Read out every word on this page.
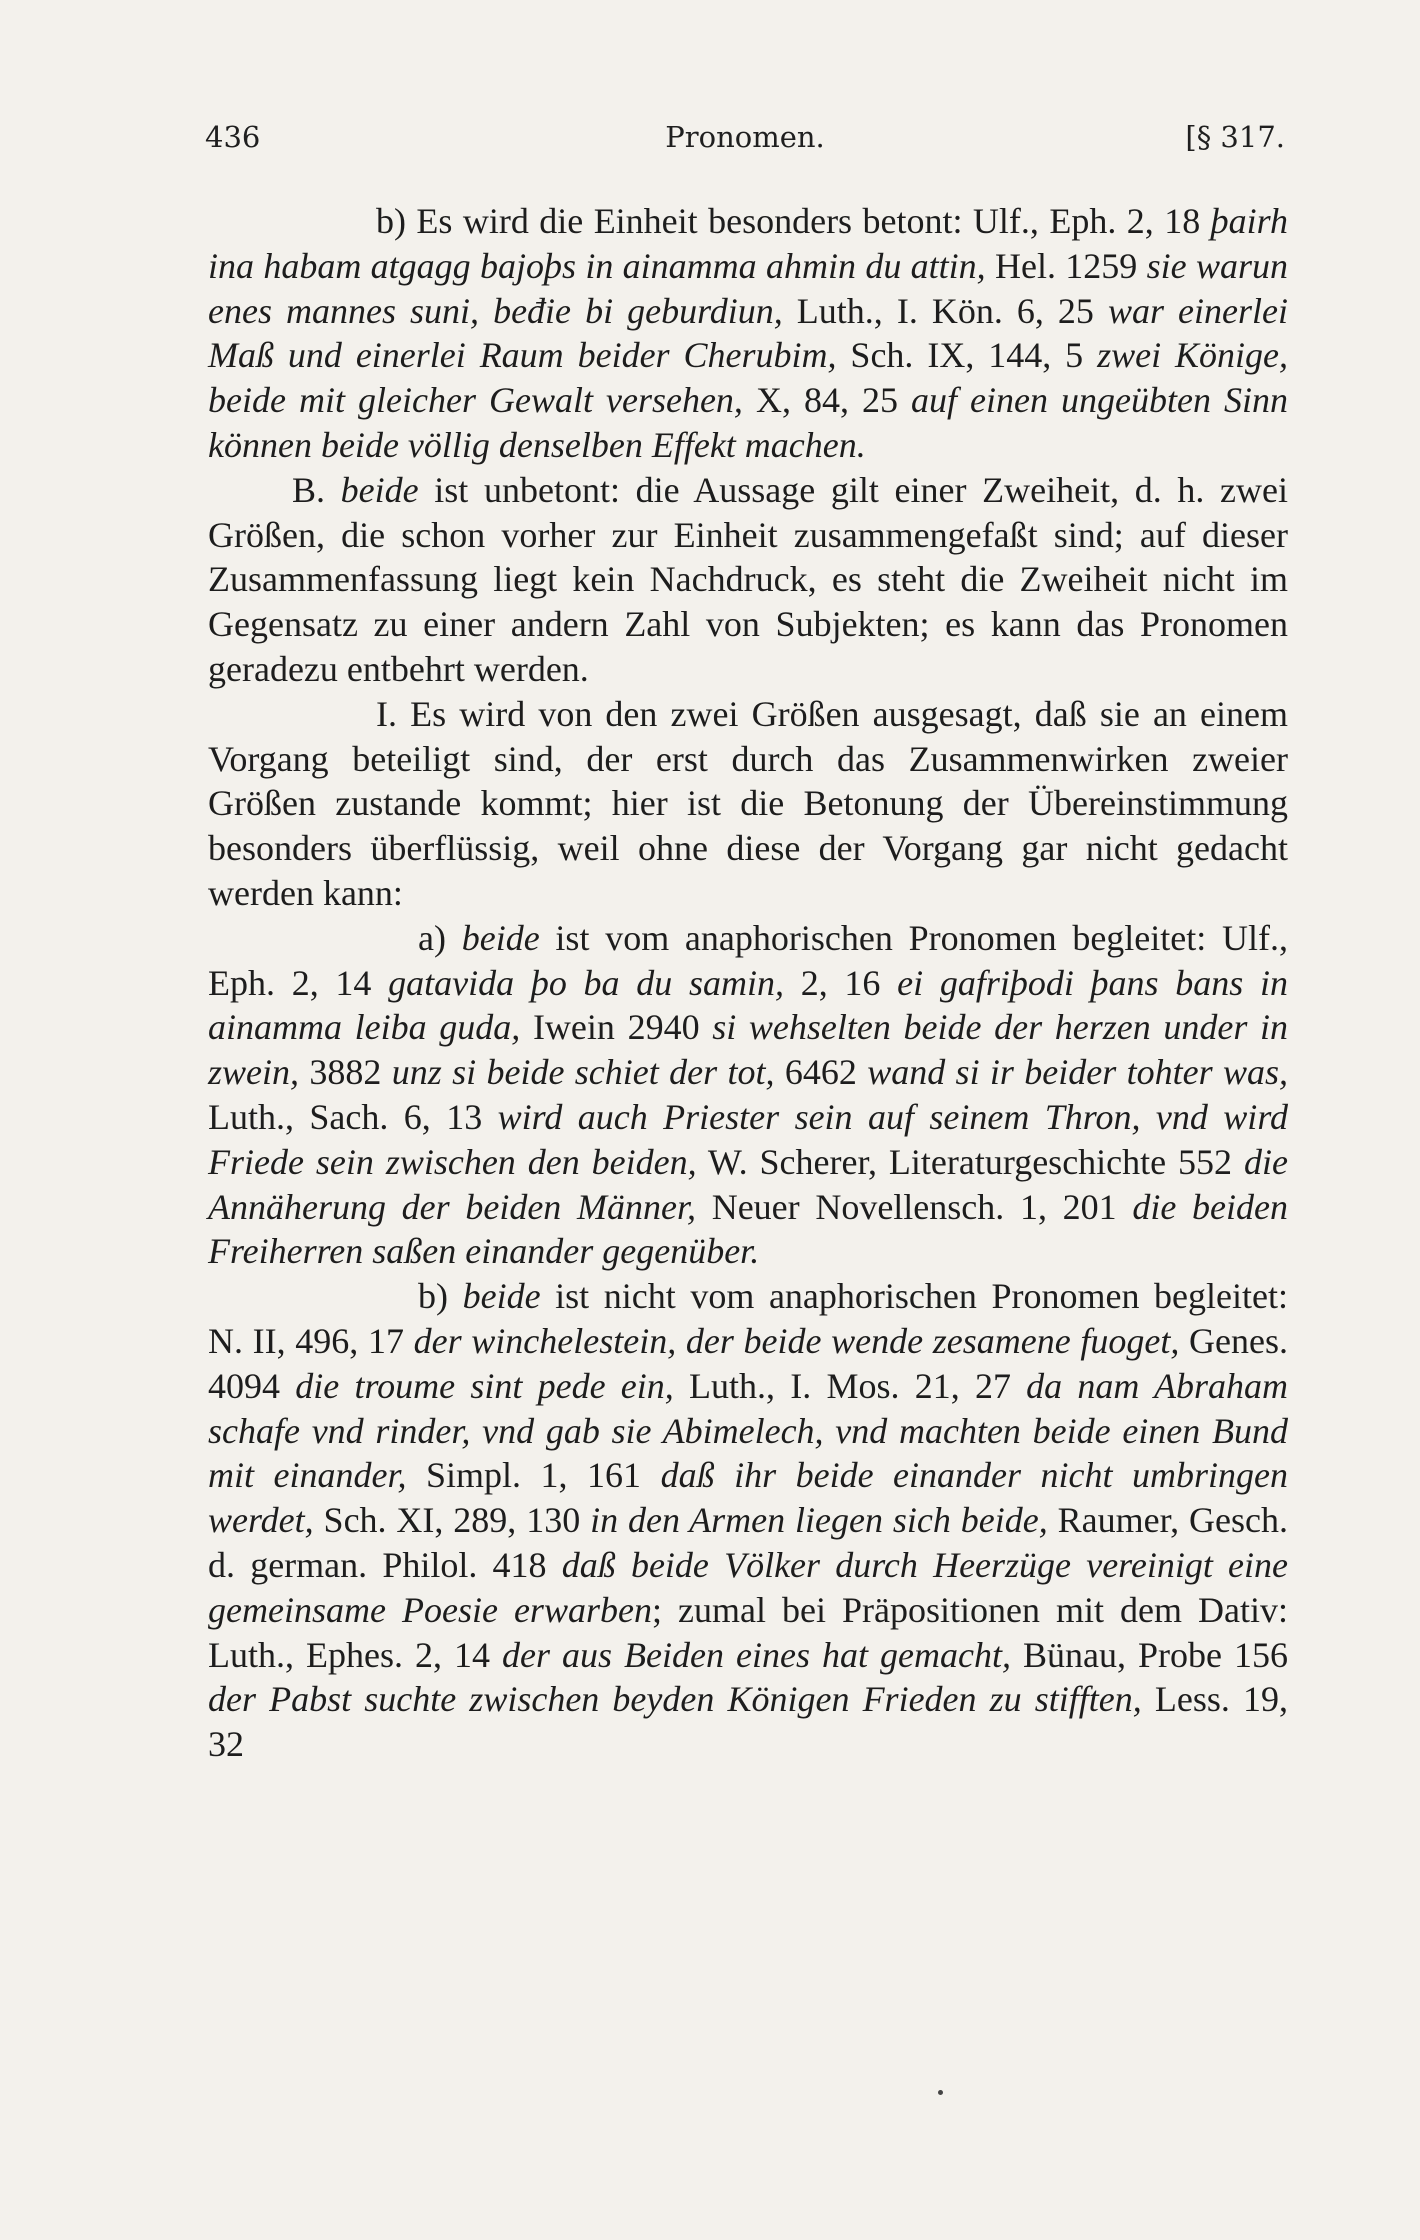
436	Pronomen.	[§ 317.

b) Es wird die Einheit besonders betont: Ulf., Eph. 2, 18 þairh ina habam atgagg bajoþs in ainamma ahmin du attin, Hel. 1259 sie warun enes mannes suni, beđie bi geburdiun, Luth., I. Kön. 6, 25 war einerlei Maß und einerlei Raum beider Cherubim, Sch. IX, 144, 5 zwei Könige, beide mit gleicher Gewalt versehen, X, 84, 25 auf einen ungeübten Sinn können beide völlig denselben Effekt machen.

B. beide ist unbetont: die Aussage gilt einer Zweiheit, d. h. zwei Größen, die schon vorher zur Einheit zusammengefaßt sind; auf dieser Zusammenfassung liegt kein Nachdruck, es steht die Zweiheit nicht im Gegensatz zu einer andern Zahl von Subjekten; es kann das Pronomen geradezu entbehrt werden.

I. Es wird von den zwei Größen ausgesagt, daß sie an einem Vorgang beteiligt sind, der erst durch das Zusammenwirken zweier Größen zustande kommt; hier ist die Betonung der Übereinstimmung besonders überflüssig, weil ohne diese der Vorgang gar nicht gedacht werden kann:

a) beide ist vom anaphorischen Pronomen begleitet: Ulf., Eph. 2, 14 gatavida þo ba du samin, 2, 16 ei gafriþodi þans bans in ainamma leiba guda, Iwein 2940 si wehselten beide der herzen under in zwein, 3882 unz si beide schiet der tot, 6462 wand si ir beider tohter was, Luth., Sach. 6, 13 wird auch Priester sein auf seinem Thron, vnd wird Friede sein zwischen den beiden, W. Scherer, Literaturgeschichte 552 die Annäherung der beiden Männer, Neuer Novellensch. 1, 201 die beiden Freiherren saßen einander gegenüber.

b) beide ist nicht vom anaphorischen Pronomen begleitet: N. II, 496, 17 der winchelestein, der beide wende zesamene fuoget, Genes. 4094 die troume sint pede ein, Luth., I. Mos. 21, 27 da nam Abraham schafe vnd rinder, vnd gab sie Abimelech, vnd machten beide einen Bund mit einander, Simpl. 1, 161 daß ihr beide einander nicht umbringen werdet, Sch. XI, 289, 130 in den Armen liegen sich beide, Raumer, Gesch. d. german. Philol. 418 daß beide Völker durch Heerzüge vereinigt eine gemeinsame Poesie erwarben; zumal bei Präpositionen mit dem Dativ: Luth., Ephes. 2, 14 der aus Beiden eines hat gemacht, Bünau, Probe 156 der Pabst suchte zwischen beyden Königen Frieden zu stifften, Less. 19, 32
